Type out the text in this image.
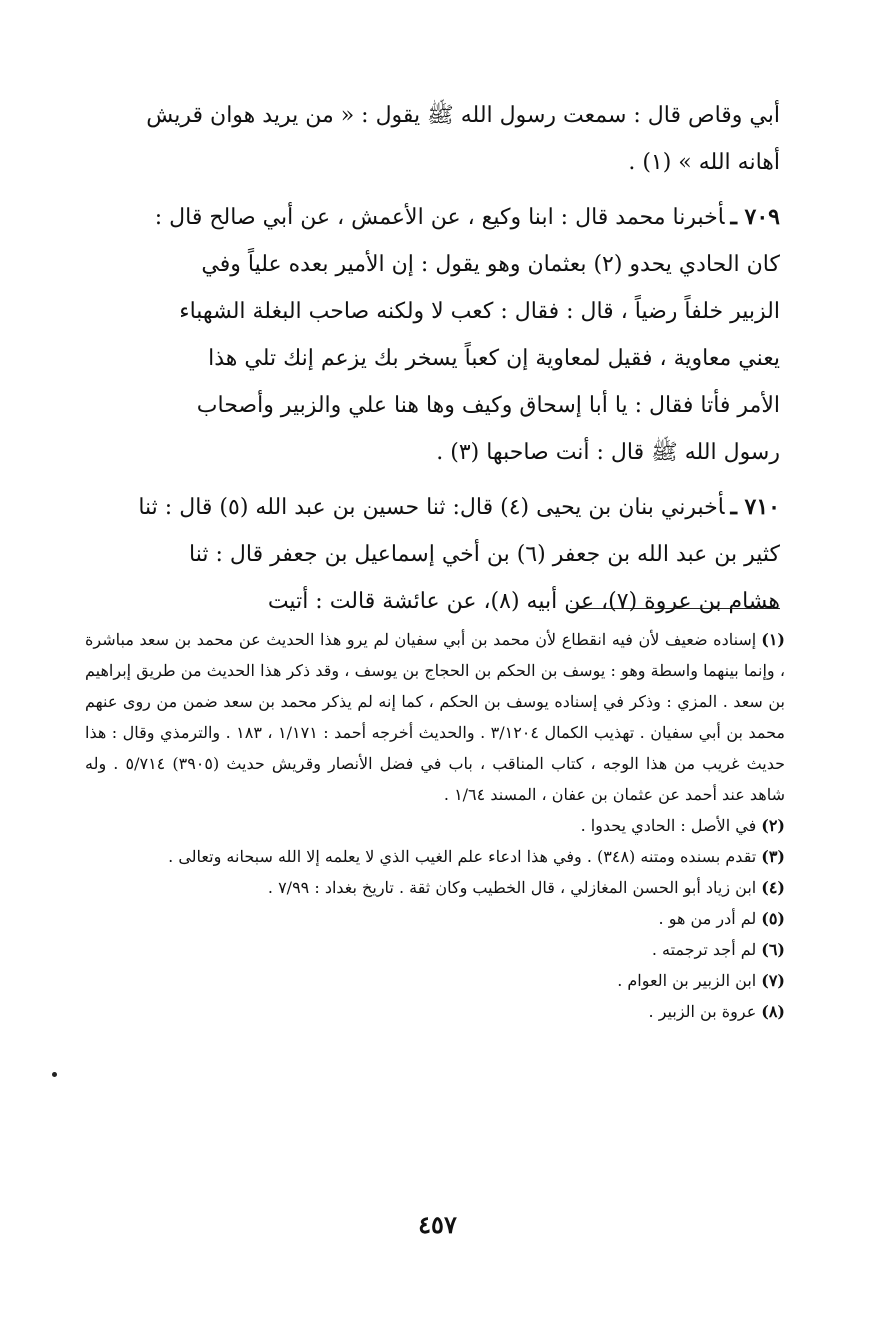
أبي وقاص قال : سمعت رسول الله ﷺ يقول : « من يريد هوان قريش

أهانه الله » (١) .

٧٠٩ ـأخبرنا محمد قال : ابنا وكيع ، عن الأعمش ، عن أبي صالح قال :

كان الحادي يحدو (٢) بعثمان وهو يقول : إن الأمير بعده علياً وفي

الزبير خلفاً رضياً ، قال : فقال : كعب لا ولكنه صاحب البغلة الشهباء

يعني معاوية ، فقيل لمعاوية إن كعباً يسخر بك يزعم إنك تلي هذا

الأمر فأتا فقال : يا أبا إسحاق وكيف وها هنا علي والزبير وأصحاب

رسول الله ﷺ قال : أنت صاحبها (٣) .

٧١٠ ـأخبرني بنان بن يحيى (٤) قال: ثنا حسين بن عبد الله (٥) قال : ثنا

كثير بن عبد الله بن جعفر (٦) بن أخي إسماعيل بن جعفر قال : ثنا

هشام بن عروة (٧)، عن أبيه (٨)، عن عائشة قالت : أتيت

(١)إسناده ضعيف لأن فيه انقطاع لأن محمد بن أبي سفيان لم يرو هذا الحديث عن محمد بن سعد مباشرة ، وإنما بينهما واسطة وهو : يوسف بن الحكم بن الحجاج بن يوسف ، وقد ذكر هذا الحديث من طريق إبراهيم بن سعد . المزي : وذكر في إسناده يوسف بن الحكم ، كما إنه لم يذكر محمد بن سعد ضمن من روى عنهم محمد بن أبي سفيان . تهذيب الكمال ٣/١٢٠٤ . والحديث أخرجه أحمد : ١/١٧١ ، ١٨٣ . والترمذي وقال : هذا حديث غريب من هذا الوجه ، كتاب المناقب ، باب في فضل الأنصار وقريش حديث (٣٩٠٥) ٥/٧١٤ . وله شاهد عند أحمد عن عثمان بن عفان ، المسند ١/٦٤ .

(٢)في الأصل : الحادي يحدوا .

(٣)تقدم بسنده ومتنه (٣٤٨) . وفي هذا ادعاء علم الغيب الذي لا يعلمه إلا الله سبحانه وتعالى .

(٤)ابن زياد أبو الحسن المغازلي ، قال الخطيب وكان ثقة . تاريخ بغداد : ٧/٩٩ .

(٥)لم أدر من هو .

(٦)لم أجد ترجمته .

(٧)ابن الزبير بن العوام .

(٨)عروة بن الزبير .

٤٥٧
